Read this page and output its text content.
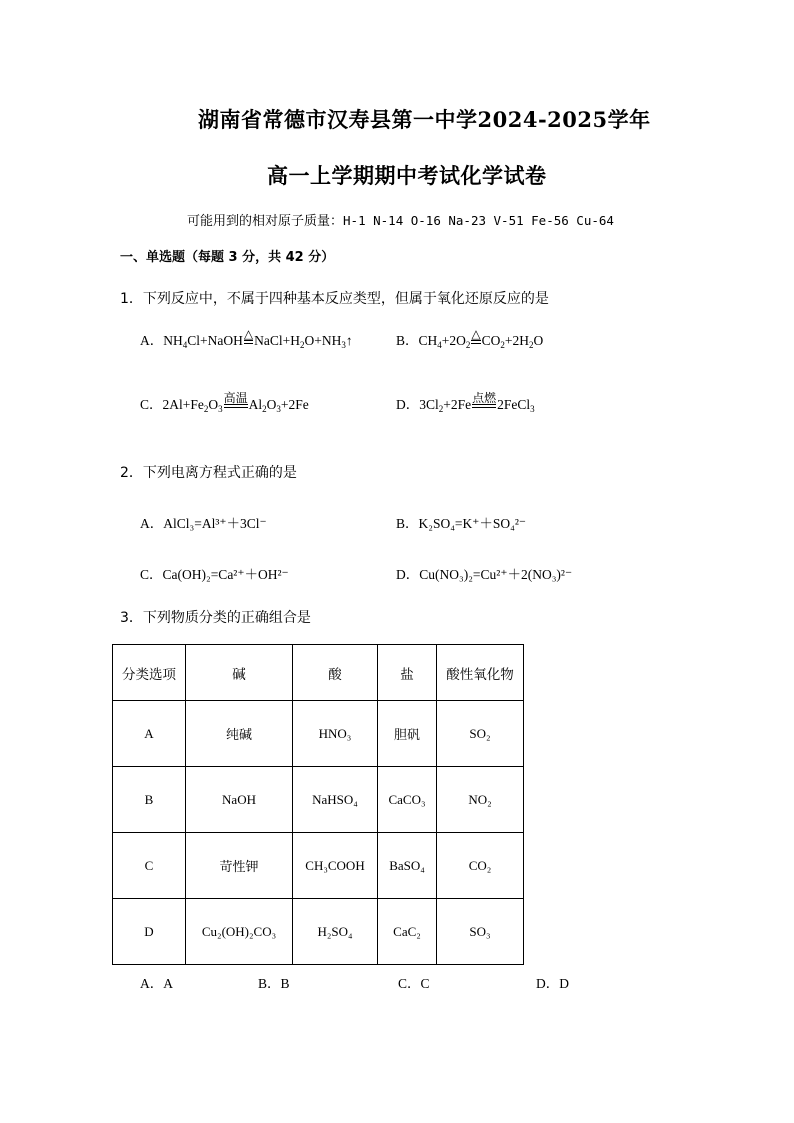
湖南省常德市汉寿县第一中学2024-2025学年
高一上学期期中考试化学试卷
可能用到的相对原子质量：H-1 N-14 O-16 Na-23 V-51 Fe-56 Cu-64
一、单选题（每题 3 分，共 42 分）
1．下列反应中，不属于四种基本反应类型，但属于氧化还原反应的是
A．$NH_4Cl+NaOH$ △ $NaCl+H_2O+NH_3↑$	B．$CH_4+2O_2$
△ $CO_2+2H_2O$
C．$2Al+Fe_2O_3$
高温 $Al_2O_3+2Fe$	D．$3Cl_2+2Fe$ 点燃 2FeCl$_3$
2．下列电离方程式正确的是
A．AlCl₃=Al³⁺＋3Cl⁻	B．K₂SO₄=K⁺＋SO₄²⁻
C．Ca(OH)₂=Ca²⁺＋OH²⁻	D．Cu(NO₃)₂=Cu²⁺＋2(NO₃)²⁻
3．下列物质分类的正确组合是
分类选项	碱	酸	盐	酸性氧化物
A	纯碱	HNO₃	胆矾	SO₂
B	NaOH	NaHSO₄	CaCO₃	NO₂
C	苛性钾	CH₃COOH	BaSO₄	CO₂
D	Cu₂(OH)₂CO₃	H₂SO₄	CaC₂	SO₃
A．A	B．B	C．C	D．D
